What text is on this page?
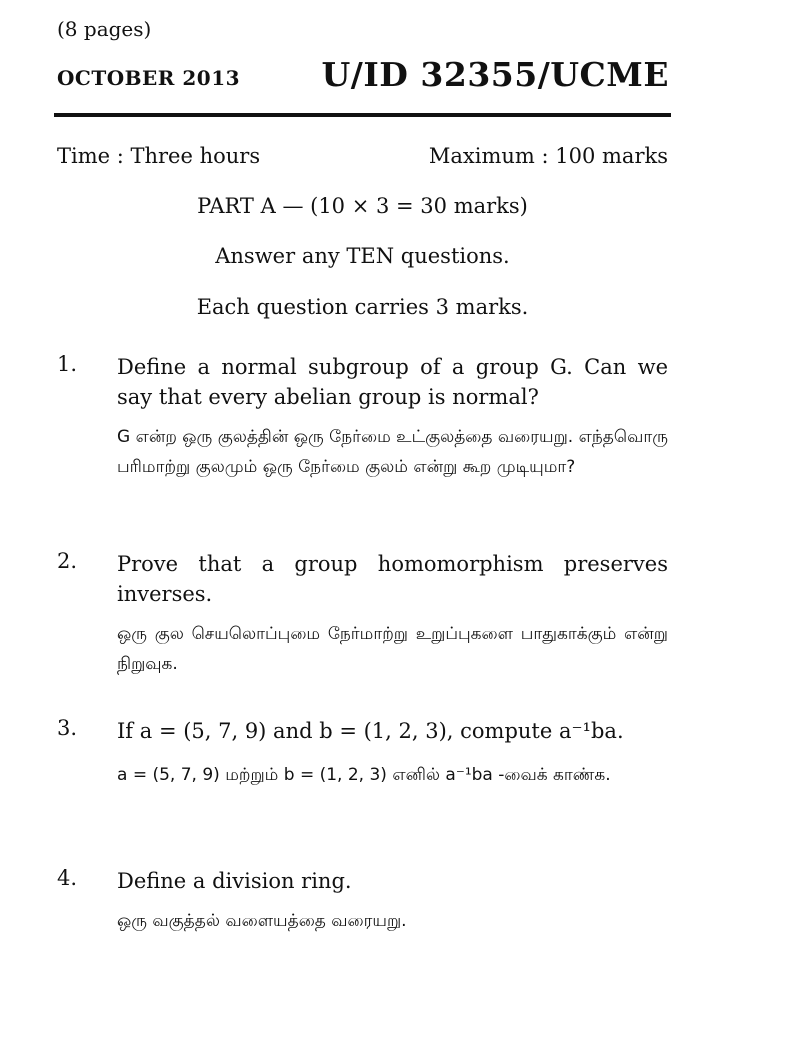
(8 pages)
OCTOBER 2013 U/ID 32355/UCME
Time : Three hours	Maximum : 100 marks
PART A — (10 × 3 = 30 marks)
Answer any TEN questions.
Each question carries 3 marks.
1. Define a normal subgroup of a group G. Can we say that every abelian group is normal?
G என்ற ஒரு குலத்தின் ஒரு நேர்மை உட்குலத்தை வரையறு. எந்தவொரு பரிமாற்று குலமும் ஒரு நேர்மை குலம் என்று கூற முடியுமா?
2. Prove that a group homomorphism preserves inverses.
ஒரு குல செயலொப்புமை நேர்மாற்று உறுப்புகளை பாதுகாக்கும் என்று நிறுவுக.
3. If a = (5, 7, 9) and b = (1, 2, 3), compute a⁻¹ba.
a = (5, 7, 9) மற்றும் b = (1, 2, 3) எனில் a⁻¹ba -வைக் காண்க.
4. Define a division ring.
ஒரு வகுத்தல் வளையத்தை வரையறு.
